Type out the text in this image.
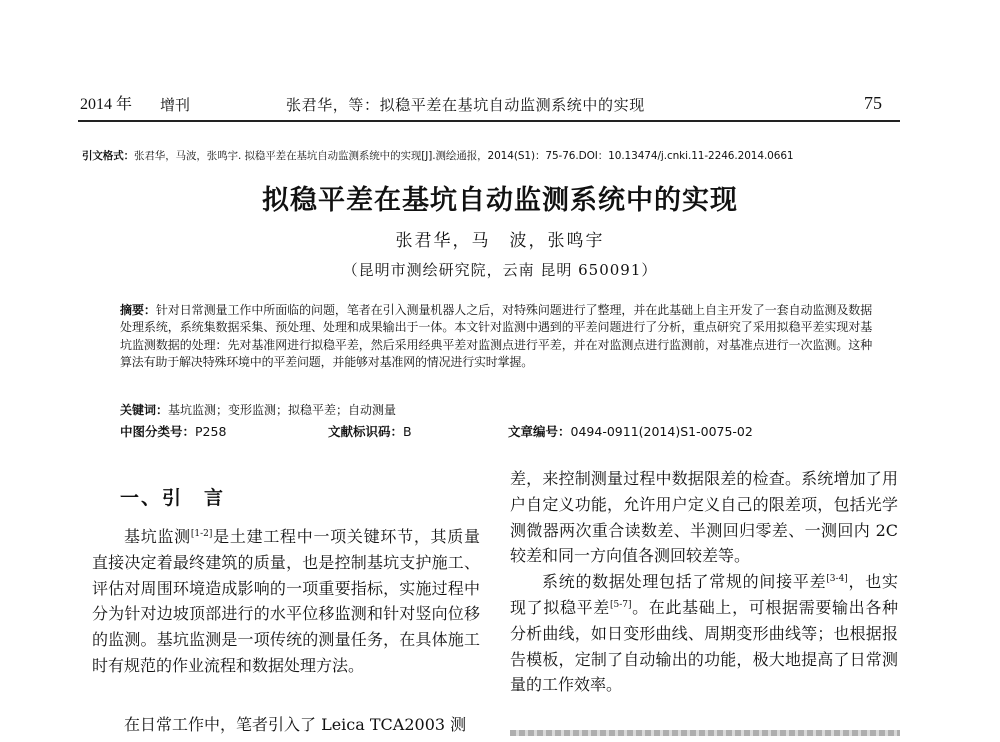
2014 年 增刊	张君华，等：拟稳平差在基坑自动监测系统中的实现	75
引文格式：张君华，马波，张鸣宇. 拟稳平差在基坑自动监测系统中的实现[J].测绘通报，2014(S1)：75-76.DOI：10.13474/j.cnki.11-2246.2014.0661
拟稳平差在基坑自动监测系统中的实现
张君华，马　波，张鸣宇
（昆明市测绘研究院，云南 昆明 650091）
摘要：针对日常测量工作中所面临的问题，笔者在引入测量机器人之后，对特殊问题进行了整理，并在此基础上自主开发了一套自动监测及数据处理系统，系统集数据采集、预处理、处理和成果输出于一体。本文针对监测中遇到的平差问题进行了分析，重点研究了采用拟稳平差实现对基坑监测数据的处理：先对基准网进行拟稳平差，然后采用经典平差对监测点进行平差，并在对监测点进行监测前，对基准点进行一次监测。这种算法有助于解决特殊环境中的平差问题，并能够对基准网的情况进行实时掌握。
关键词：基坑监测；变形监测；拟稳平差；自动测量
中图分类号：P258	文献标识码：B	文章编号：0494-0911(2014)S1-0075-02
一、引　言

基坑监测[1-2]是土建工程中一项关键环节，其质量直接决定着最终建筑的质量，也是控制基坑支护施工、评估对周围环境造成影响的一项重要指标，实施过程中分为针对边坡顶部进行的水平位移监测和针对竖向位移的监测。基坑监测是一项传统的测量任务，在具体施工时有规范的作业流程和数据处理方法。

在日常工作中，笔者引入了 Leica TCA2003 测

差，来控制测量过程中数据限差的检查。系统增加了用户自定义功能，允许用户定义自己的限差项，包括光学测微器两次重合读数差、半测回归零差、一测回内 2C 较差和同一方向值各测回较差等。

系统的数据处理包括了常规的间接平差[3-4]，也实现了拟稳平差[5-7]。在此基础上，可根据需要输出各种分析曲线，如日变形曲线、周期变形曲线等；也根据报告模板，定制了自动输出的功能，极大地提高了日常测量的工作效率。
